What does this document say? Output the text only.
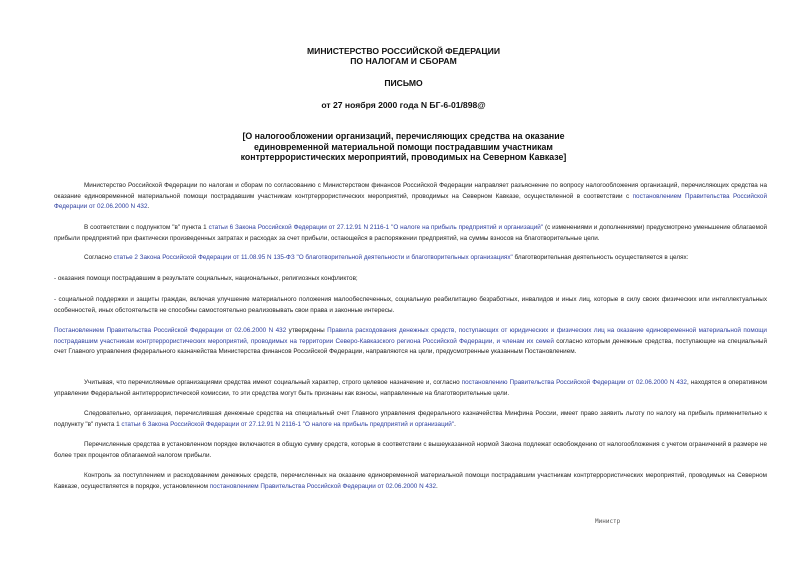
МИНИСТЕРСТВО РОССИЙСКОЙ ФЕДЕРАЦИИ
ПО НАЛОГАМ И СБОРАМ
ПИСЬМО
от 27 ноября 2000 года N БГ-6-01/898@
[О налогообложении организаций, перечисляющих средства на оказание
единовременной материальной помощи пострадавшим участникам
контртеррористических мероприятий, проводимых на Северном Кавказе]
Министерство Российской Федерации по налогам и сборам по согласованию с Министерством финансов Российской Федерации направляет разъяснение по вопросу налогообложения организаций, перечисляющих средства на оказание единовременной материальной помощи пострадавшим участникам контртеррористических мероприятий, проводимых на Северном Кавказе, осуществленной в соответствии с постановлением Правительства Российской Федерации от 02.06.2000 N 432.
В соответствии с подпунктом "в" пункта 1 статьи 6 Закона Российской Федерации от 27.12.91 N 2116-1 "О налоге на прибыль предприятий и организаций" (с изменениями и дополнениями) предусмотрено уменьшение облагаемой прибыли предприятий при фактически произведенных затратах и расходах за счет прибыли, остающейся в распоряжении предприятий, на суммы взносов на благотворительные цели.
Согласно статье 2 Закона Российской Федерации от 11.08.95 N 135-ФЗ "О благотворительной деятельности и благотворительных организациях" благотворительная деятельность осуществляется в целях:
- оказания помощи пострадавшим в результате социальных, национальных, религиозных конфликтов;
- социальной поддержки и защиты граждан, включая улучшение материального положения малообеспеченных, социальную реабилитацию безработных, инвалидов и иных лиц, которые в силу своих физических или интеллектуальных особенностей, иных обстоятельств не способны самостоятельно реализовывать свои права и законные интересы.
Постановлением Правительства Российской Федерации от 02.06.2000 N 432 утверждены Правила расходования денежных средств, поступающих от юридических и физических лиц на оказание единовременной материальной помощи пострадавшим участникам контртеррористических мероприятий, проводимых на территории Северо-Кавказского региона Российской Федерации, и членам их семей согласно которым денежные средства, поступающие на специальный счет Главного управления федерального казначейства Министерства финансов Российской Федерации, направляются на цели, предусмотренные указанным Постановлением.
Учитывая, что перечисляемые организациями средства имеют социальный характер, строго целевое назначение и, согласно постановлению Правительства Российской Федерации от 02.06.2000 N 432, находятся в оперативном управлении Федеральной антитеррористической комиссии, то эти средства могут быть признаны как взносы, направленные на благотворительные цели.
Следовательно, организация, перечислившая денежные средства на специальный счет Главного управления федерального казначейства Минфина России, имеет право заявить льготу по налогу на прибыль применительно к подпункту "в" пункта 1 статьи 6 Закона Российской Федерации от 27.12.91 N 2116-1 "О налоге на прибыль предприятий и организаций".
Перечисленные средства в установленном порядке включаются в общую сумму средств, которые в соответствии с вышеуказанной нормой Закона подлежат освобождению от налогообложения с учетом ограничений в размере не более трех процентов облагаемой налогом прибыли.
Контроль за поступлением и расходованием денежных средств, перечисленных на оказание единовременной материальной помощи пострадавшим участникам контртеррористических мероприятий, проводимых на Северном Кавказе, осуществляется в порядке, установленном постановлением Правительства Российской Федерации от 02.06.2000 N 432.
Министр
